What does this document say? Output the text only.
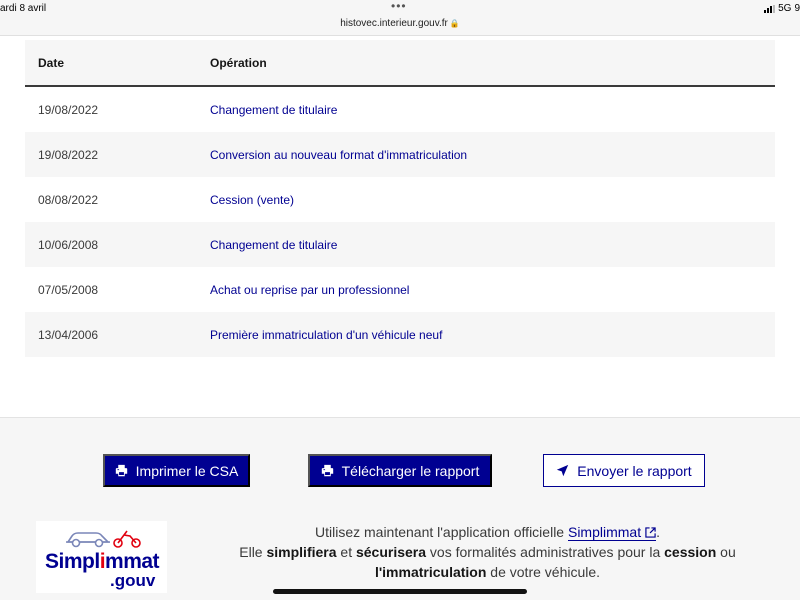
ardi 8 avril	•••
histovec.interieur.gouv.fr 🔒
5G 9
Date	Opération
19/08/2022	Changement de titulaire
19/08/2022	Conversion au nouveau format d'immatriculation
08/08/2022	Cession (vente)
10/06/2008	Changement de titulaire
07/05/2008	Achat ou reprise par un professionnel
13/04/2006	Première immatriculation d'un véhicule neuf
Imprimer le CSA	Télécharger le rapport	Envoyer le rapport
Simplimmat
.gouv
Utilisez maintenant l'application officielle Simplimmat .
Elle simplifiera et sécurisera vos formalités administratives pour la cession ou
l'immatriculation de votre véhicule.
